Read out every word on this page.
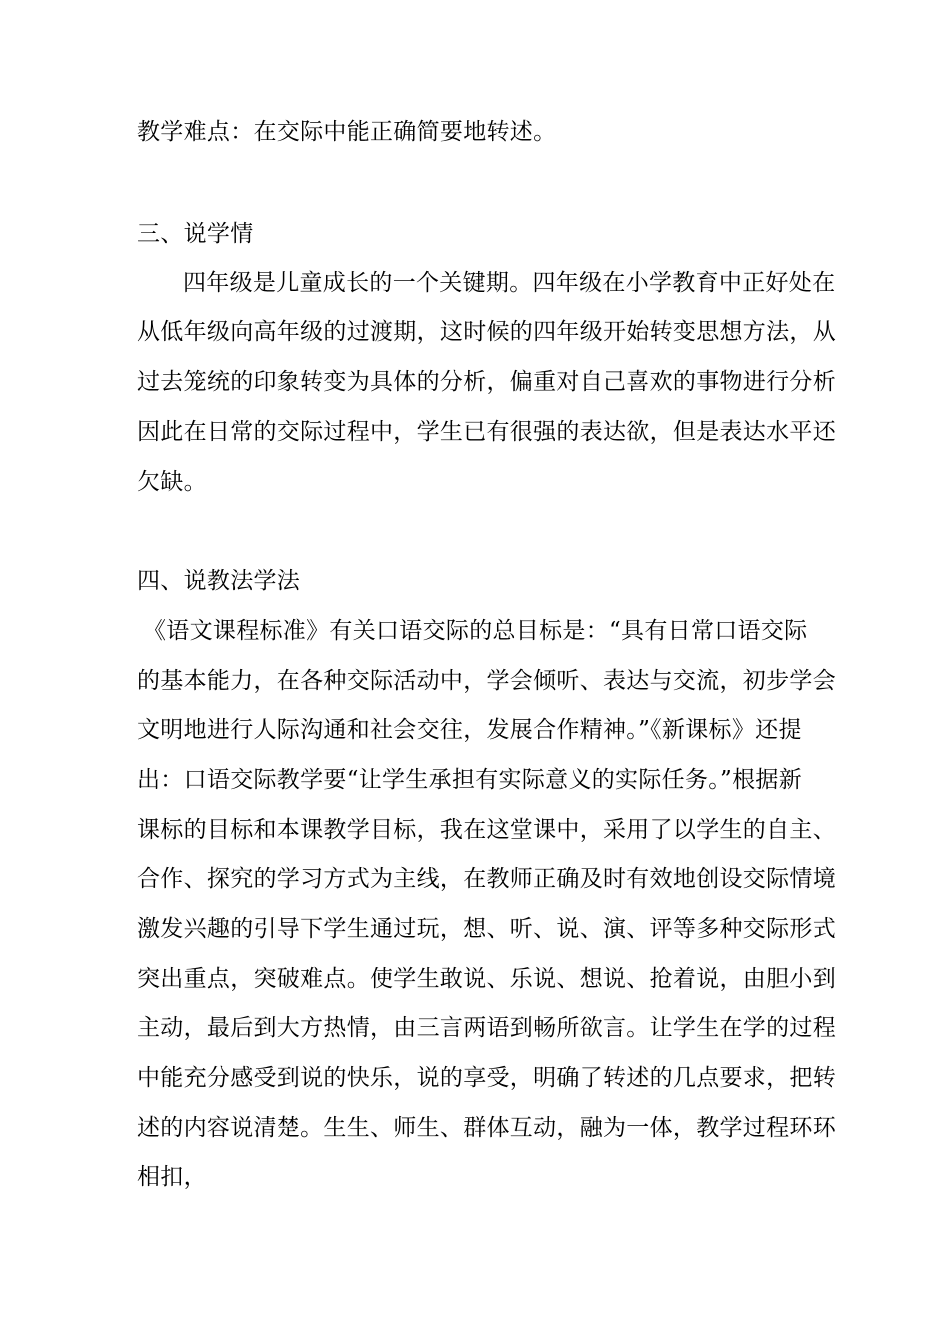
教学难点：在交际中能正确简要地转述。
三、说学情
四年级是儿童成长的一个关键期。四年级在小学教育中正好处在
从低年级向高年级的过渡期，这时候的四年级开始转变思想方法，从
过去笼统的印象转变为具体的分析，偏重对自己喜欢的事物进行分析
因此在日常的交际过程中，学生已有很强的表达欲，但是表达水平还
欠缺。
四、说教法学法
《语文课程标准》有关口语交际的总目标是：“具有日常口语交际
的基本能力，在各种交际活动中，学会倾听、表达与交流，初步学会
文明地进行人际沟通和社会交往，发展合作精神。”《新课标》还提
出：口语交际教学要“让学生承担有实际意义的实际任务。”根据新
课标的目标和本课教学目标，我在这堂课中，采用了以学生的自主、
合作、探究的学习方式为主线，在教师正确及时有效地创设交际情境
激发兴趣的引导下学生通过玩，想、听、说、演、评等多种交际形式
突出重点，突破难点。使学生敢说、乐说、想说、抢着说，由胆小到
主动，最后到大方热情，由三言两语到畅所欲言。让学生在学的过程
中能充分感受到说的快乐，说的享受，明确了转述的几点要求，把转
述的内容说清楚。生生、师生、群体互动，融为一体，教学过程环环
相扣，
